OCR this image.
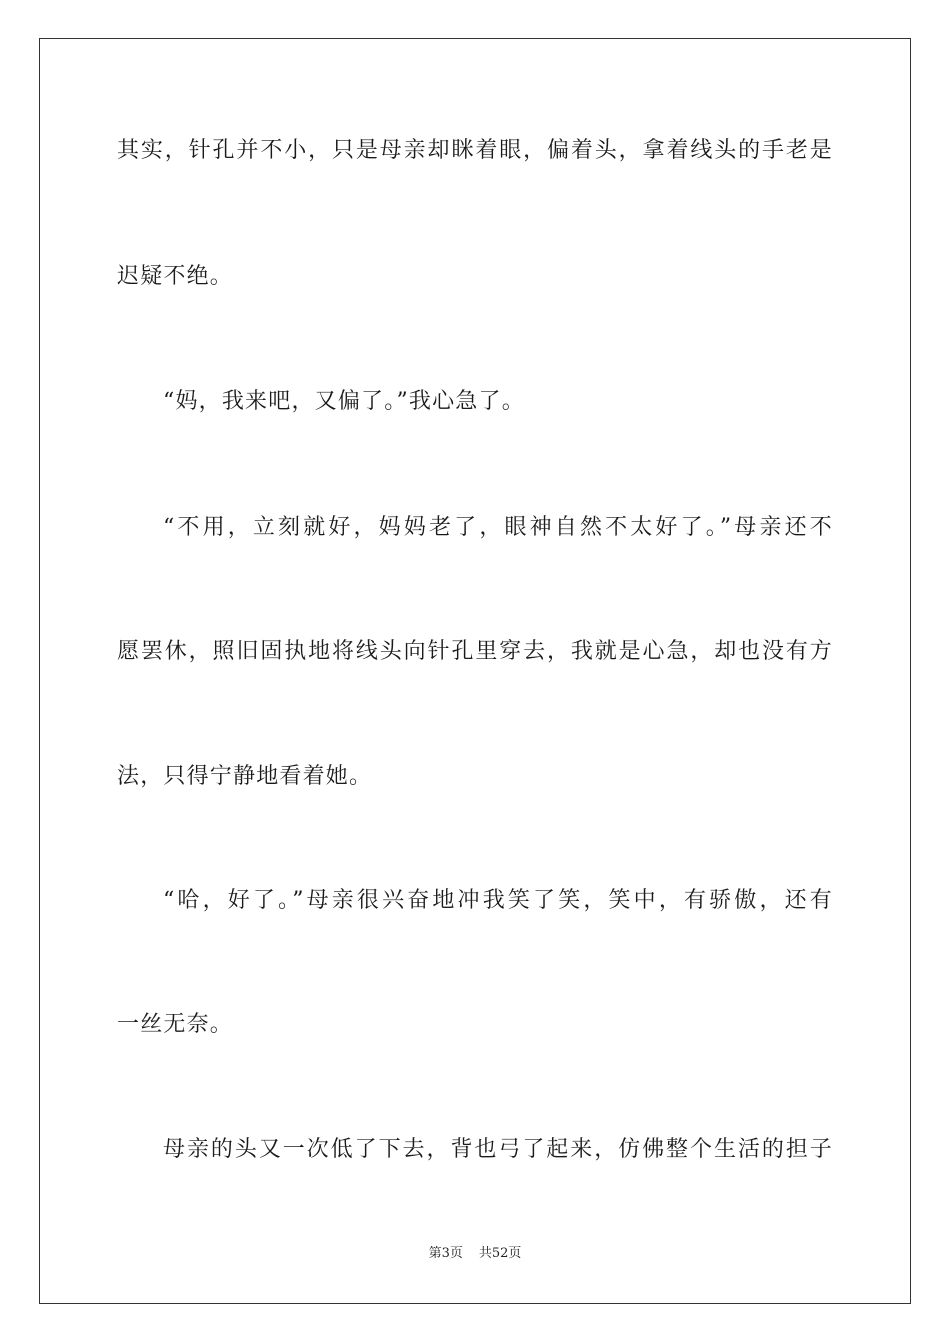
其实，针孔并不小，只是母亲却眯着眼，偏着头，拿着线头的手老是
迟疑不绝。
“妈，我来吧，又偏了。”我心急了。
“不用，立刻就好，妈妈老了，眼神自然不太好了。”母亲还不
愿罢休，照旧固执地将线头向针孔里穿去，我就是心急，却也没有方
法，只得宁静地看着她。
“哈，好了。”母亲很兴奋地冲我笑了笑，笑中，有骄傲，还有
一丝无奈。
母亲的头又一次低了下去，背也弓了起来，仿佛整个生活的担子
第3页 共52页
